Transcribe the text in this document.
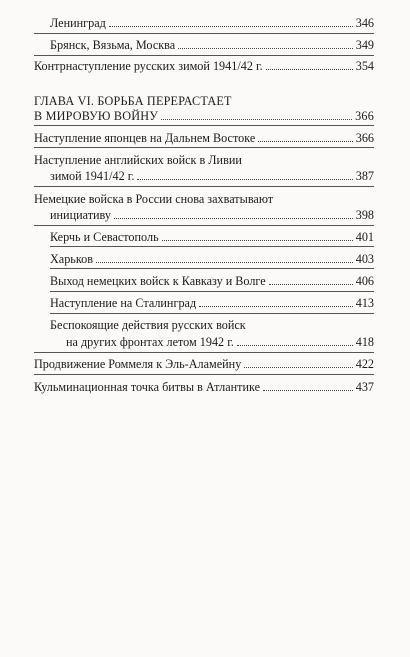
Ленинград	346
Брянск, Вязьма, Москва	349
Контрнаступление русских зимой 1941/42 г.	354
ГЛАВА VI. БОРЬБА ПЕРЕРАСТАЕТ
В МИРОВУЮ ВОЙНУ	366
Наступление японцев на Дальнем Востоке	366
Наступление английских войск в Ливии
зимой 1941/42 г.	387
Немецкие войска в России снова захватывают
инициативу	398
Керчь и Севастополь	401
Харьков	403
Выход немецких войск к Кавказу и Волге	406
Наступление на Сталинград	413
Беспокоящие действия русских войск
на других фронтах летом 1942 г.	418
Продвижение Роммеля к Эль-Аламейну	422
Кульминационная точка битвы в Атлантике	437
